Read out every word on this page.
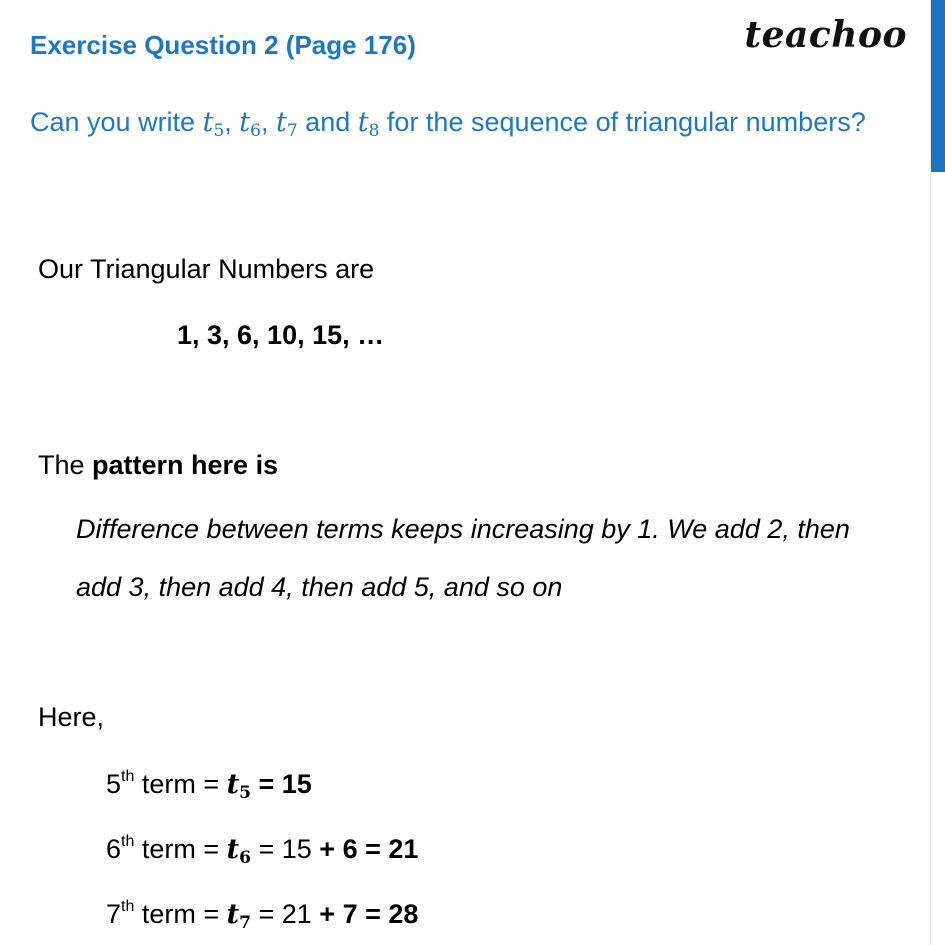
Exercise Question 2 (Page 176)	teachoo
Can you write $t_5$, $t_6$, $t_7$ and $t_8$ for the sequence of triangular numbers?
Our Triangular Numbers are
1, 3, 6, 10, 15, …
The pattern here is
Difference between terms keeps increasing by 1. We add 2, then
add 3, then add 4, then add 5, and so on
Here,
5th term = $t_5 = 15$
6th term = $t_6 = 15 + 6 = 21$
7th term = $t_7 = 21 + 7 = 28$
